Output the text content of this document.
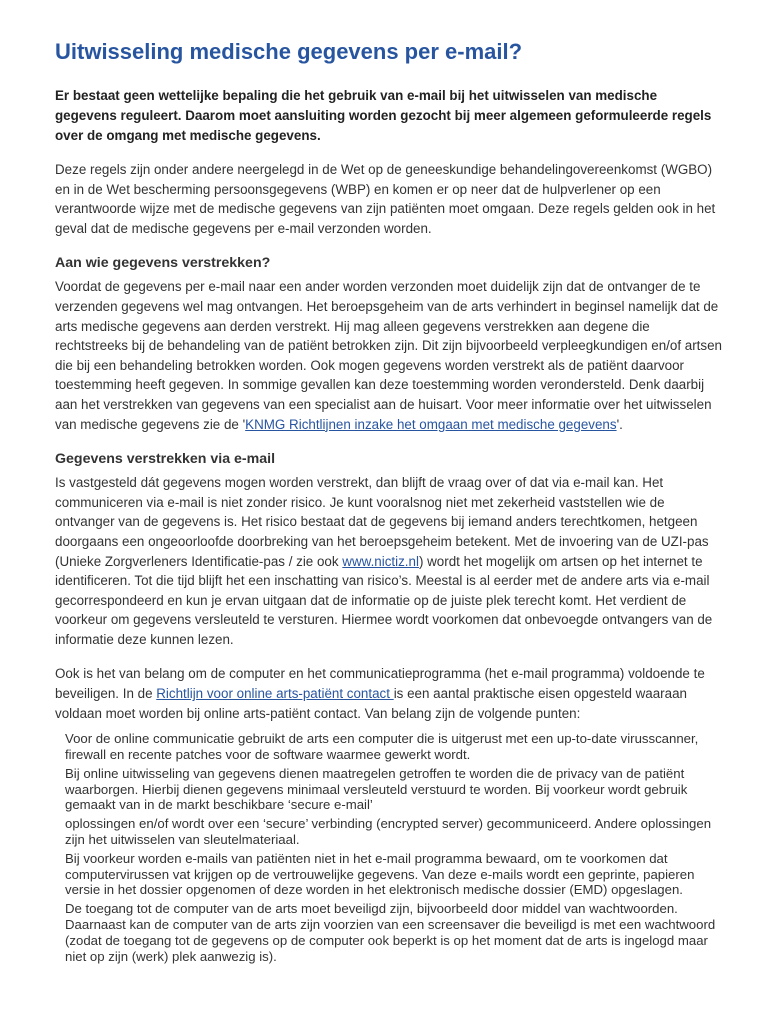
Uitwisseling medische gegevens per e-mail?

Er bestaat geen wettelijke bepaling die het gebruik van e-mail bij het uitwisselen van medische gegevens reguleert. Daarom moet aansluiting worden gezocht bij meer algemeen geformuleerde regels over de omgang met medische gegevens.

Deze regels zijn onder andere neergelegd in de Wet op de geneeskundige behandelingovereenkomst (WGBO) en in de Wet bescherming persoonsgegevens (WBP) en komen er op neer dat de hulpverlener op een verantwoorde wijze met de medische gegevens van zijn patiënten moet omgaan. Deze regels gelden ook in het geval dat de medische gegevens per e-mail verzonden worden.

Aan wie gegevens verstrekken?

Voordat de gegevens per e-mail naar een ander worden verzonden moet duidelijk zijn dat de ontvanger de te verzenden gegevens wel mag ontvangen. Het beroepsgeheim van de arts verhindert in beginsel namelijk dat de arts medische gegevens aan derden verstrekt. Hij mag alleen gegevens verstrekken aan degene die rechtstreeks bij de behandeling van de patiënt betrokken zijn. Dit zijn bijvoorbeeld verpleegkundigen en/of artsen die bij een behandeling betrokken worden. Ook mogen gegevens worden verstrekt als de patiënt daarvoor toestemming heeft gegeven. In sommige gevallen kan deze toestemming worden verondersteld. Denk daarbij aan het verstrekken van gegevens van een specialist aan de huisart. Voor meer informatie over het uitwisselen van medische gegevens zie de 'KNMG Richtlijnen inzake het omgaan met medische gegevens'.

Gegevens verstrekken via e-mail

Is vastgesteld dát gegevens mogen worden verstrekt, dan blijft de vraag over of dat via e-mail kan. Het communiceren via e-mail is niet zonder risico. Je kunt vooralsnog niet met zekerheid vaststellen wie de ontvanger van de gegevens is. Het risico bestaat dat de gegevens bij iemand anders terechtkomen, hetgeen doorgaans een ongeoorloofde doorbreking van het beroepsgeheim betekent. Met de invoering van de UZI-pas (Unieke Zorgverleners Identificatie-pas / zie ook www.nictiz.nl) wordt het mogelijk om artsen op het internet te identificeren. Tot die tijd blijft het een inschatting van risico’s. Meestal is al eerder met de andere arts via e-mail gecorrespondeerd en kun je ervan uitgaan dat de informatie op de juiste plek terecht komt. Het verdient de voorkeur om gegevens versleuteld te versturen. Hiermee wordt voorkomen dat onbevoegde ontvangers van de informatie deze kunnen lezen.

Ook is het van belang om de computer en het communicatieprogramma (het e-mail programma) voldoende te beveiligen. In de Richtlijn voor online arts-patiënt contact is een aantal praktische eisen opgesteld waaraan voldaan moet worden bij online arts-patiënt contact. Van belang zijn de volgende punten:

Voor de online communicatie gebruikt de arts een computer die is uitgerust met een up-to-date virusscanner, firewall en recente patches voor de software waarmee gewerkt wordt.
Bij online uitwisseling van gegevens dienen maatregelen getroffen te worden die de privacy van de patiënt waarborgen. Hierbij dienen gegevens minimaal versleuteld verstuurd te worden. Bij voorkeur wordt gebruik gemaakt van in de markt beschikbare ‘secure e-mail’
oplossingen en/of wordt over een ‘secure’ verbinding (encrypted server) gecommuniceerd. Andere oplossingen zijn het uitwisselen van sleutelmateriaal.
Bij voorkeur worden e-mails van patiënten niet in het e-mail programma bewaard, om te voorkomen dat computervirussen vat krijgen op de vertrouwelijke gegevens. Van deze e-mails wordt een geprinte, papieren versie in het dossier opgenomen of deze worden in het elektronisch medische dossier (EMD) opgeslagen.
De toegang tot de computer van de arts moet beveiligd zijn, bijvoorbeeld door middel van wachtwoorden. Daarnaast kan de computer van de arts zijn voorzien van een screensaver die beveiligd is met een wachtwoord (zodat de toegang tot de gegevens op de computer ook beperkt is op het moment dat de arts is ingelogd maar niet op zijn (werk) plek aanwezig is).
